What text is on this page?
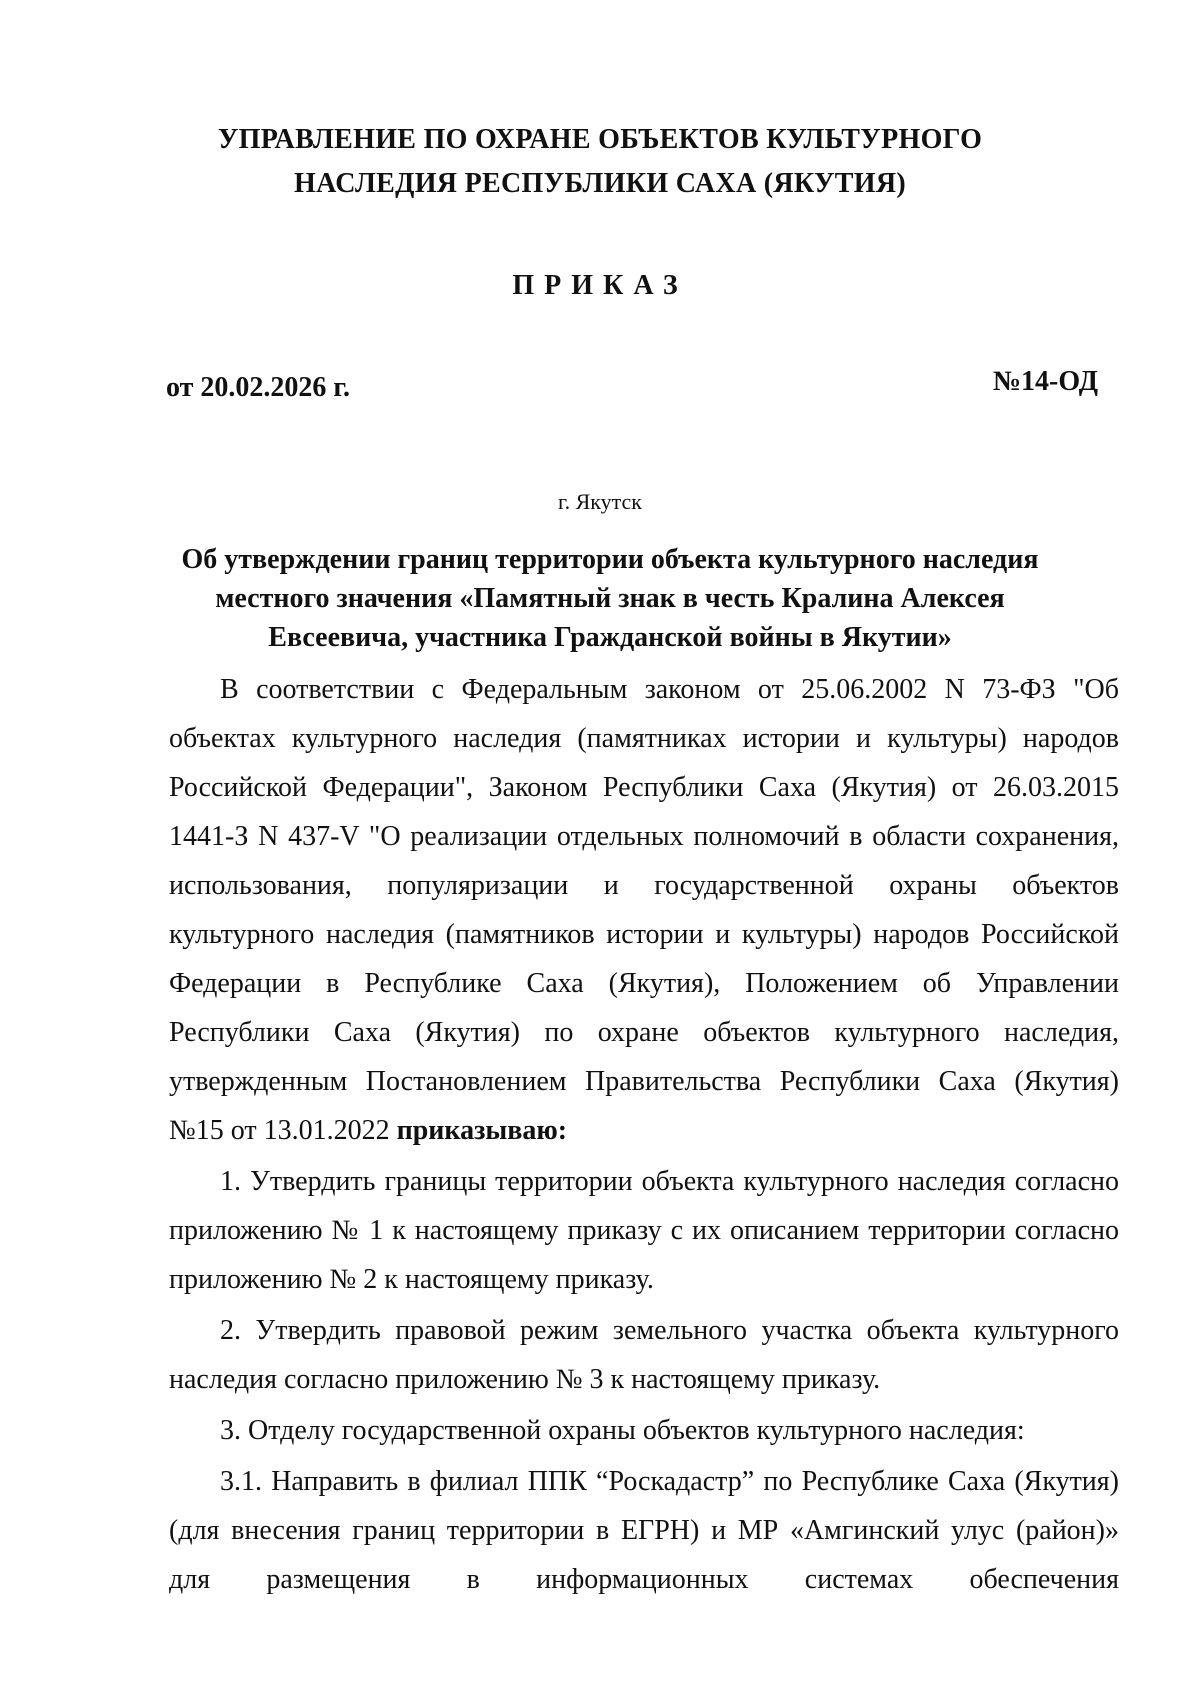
УПРАВЛЕНИЕ ПО ОХРАНЕ ОБЪЕКТОВ КУЛЬТУРНОГО
НАСЛЕДИЯ РЕСПУБЛИКИ САХА (ЯКУТИЯ)
ПРИКАЗ
от 20.02.2026 г.	№14-ОД
г. Якутск
Об утверждении границ территории объекта культурного наследия
местного значения «Памятный знак в честь Кралина Алексея
Евсеевича, участника Гражданской войны в Якутии»

В соответствии с Федеральным законом от 25.06.2002 N 73-ФЗ "Об объектах культурного наследия (памятниках истории и культуры) народов Российской Федерации", Законом Республики Саха (Якутия) от 26.03.2015 1441-З N 437-V "О реализации отдельных полномочий в области сохранения, использования, популяризации и государственной охраны объектов культурного наследия (памятников истории и культуры) народов Российской Федерации в Республике Саха (Якутия), Положением об Управлении Республики Саха (Якутия) по охране объектов культурного наследия, утвержденным Постановлением Правительства Республики Саха (Якутия) №15 от 13.01.2022 приказываю:

1. Утвердить границы территории объекта культурного наследия согласно приложению № 1 к настоящему приказу с их описанием территории согласно приложению № 2 к настоящему приказу.

2. Утвердить правовой режим земельного участка объекта культурного наследия согласно приложению № 3 к настоящему приказу.

3. Отделу государственной охраны объектов культурного наследия:

3.1. Направить в филиал ППК “Роскадастр” по Республике Саха (Якутия) (для внесения границ территории в ЕГРН) и МР «Амгинский улус (район)» для размещения в информационных системах обеспечения
